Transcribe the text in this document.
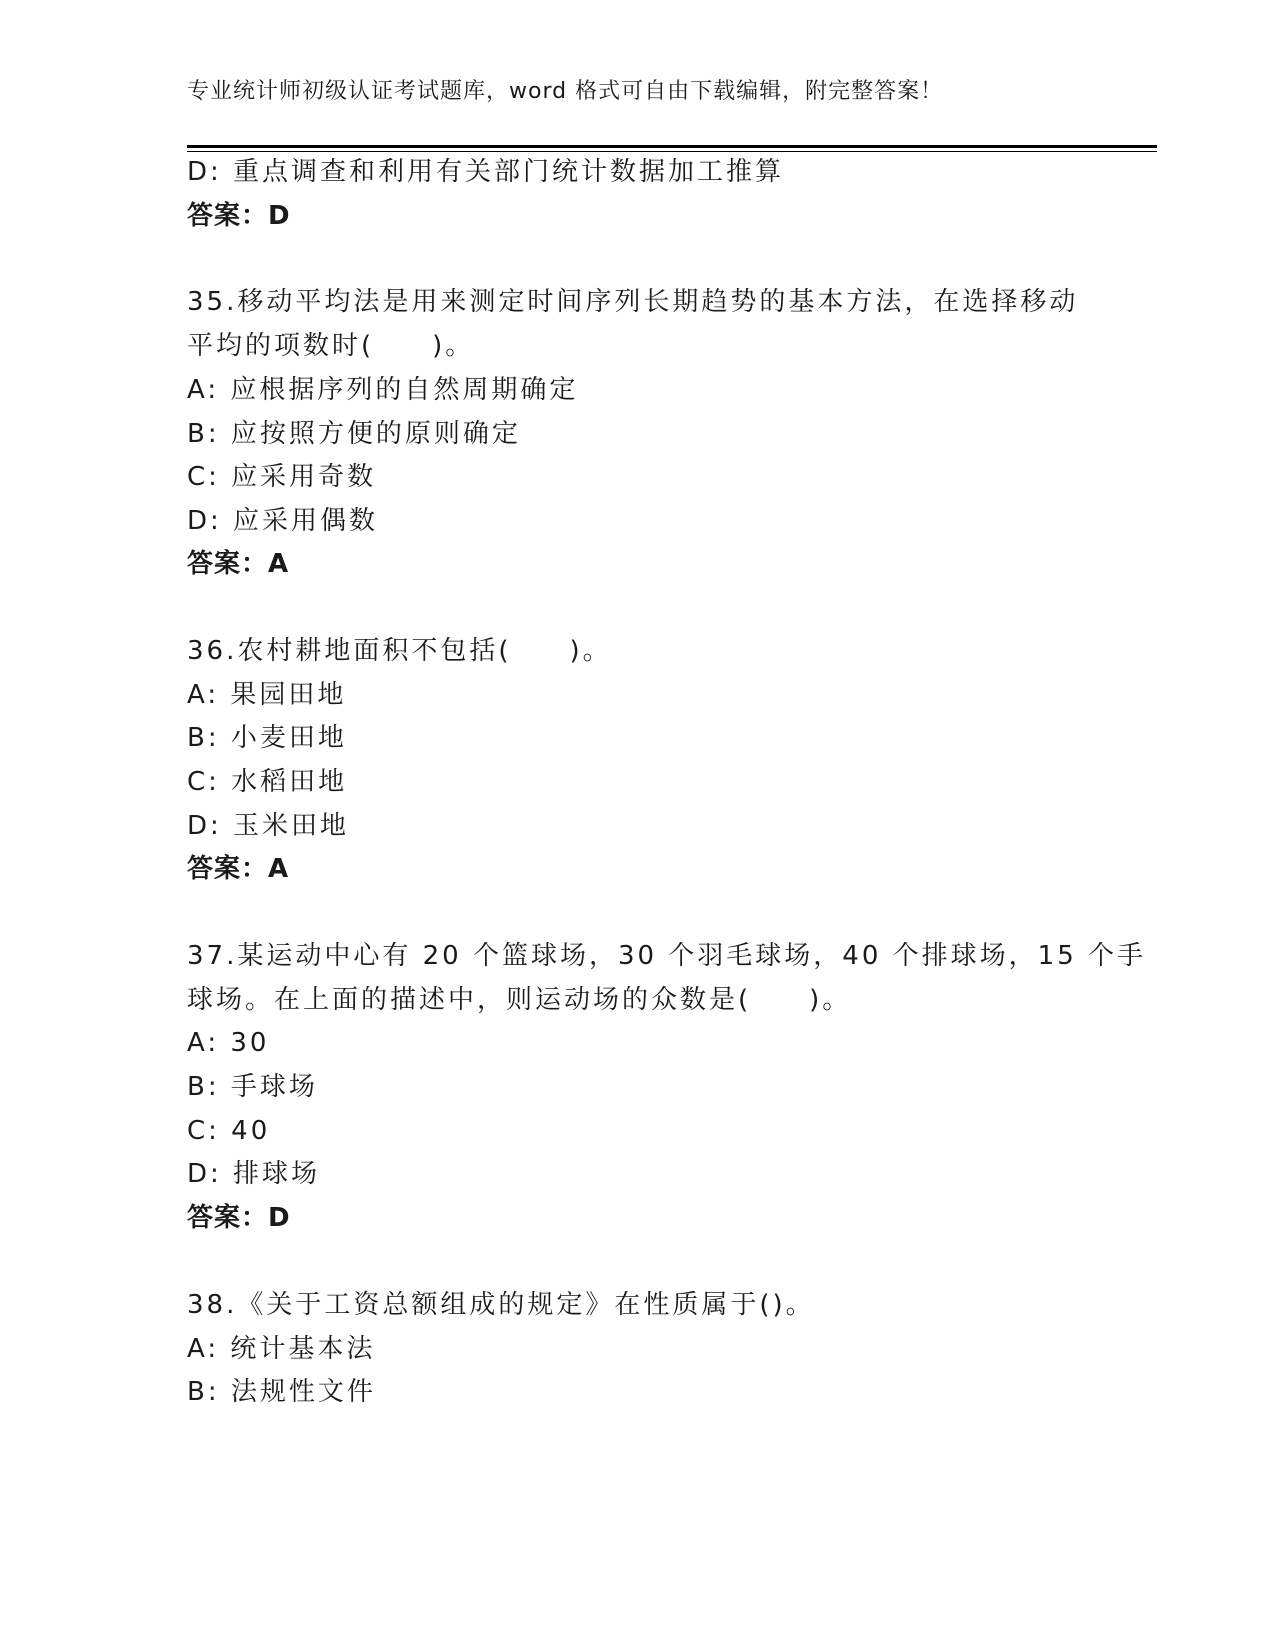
专业统计师初级认证考试题库，word 格式可自由下载编辑，附完整答案！
D: 重点调查和利用有关部门统计数据加工推算
答案：D
35.移动平均法是用来测定时间序列长期趋势的基本方法，在选择移动
平均的项数时(　　)。
A: 应根据序列的自然周期确定
B: 应按照方便的原则确定
C: 应采用奇数
D: 应采用偶数
答案：A
36.农村耕地面积不包括(　　)。
A: 果园田地
B: 小麦田地
C: 水稻田地
D: 玉米田地
答案：A
37.某运动中心有 20 个篮球场，30 个羽毛球场，40 个排球场，15 个手
球场。在上面的描述中，则运动场的众数是(　　)。
A: 30
B: 手球场
C: 40
D: 排球场
答案：D
38.《关于工资总额组成的规定》在性质属于()。
A: 统计基本法
B: 法规性文件
